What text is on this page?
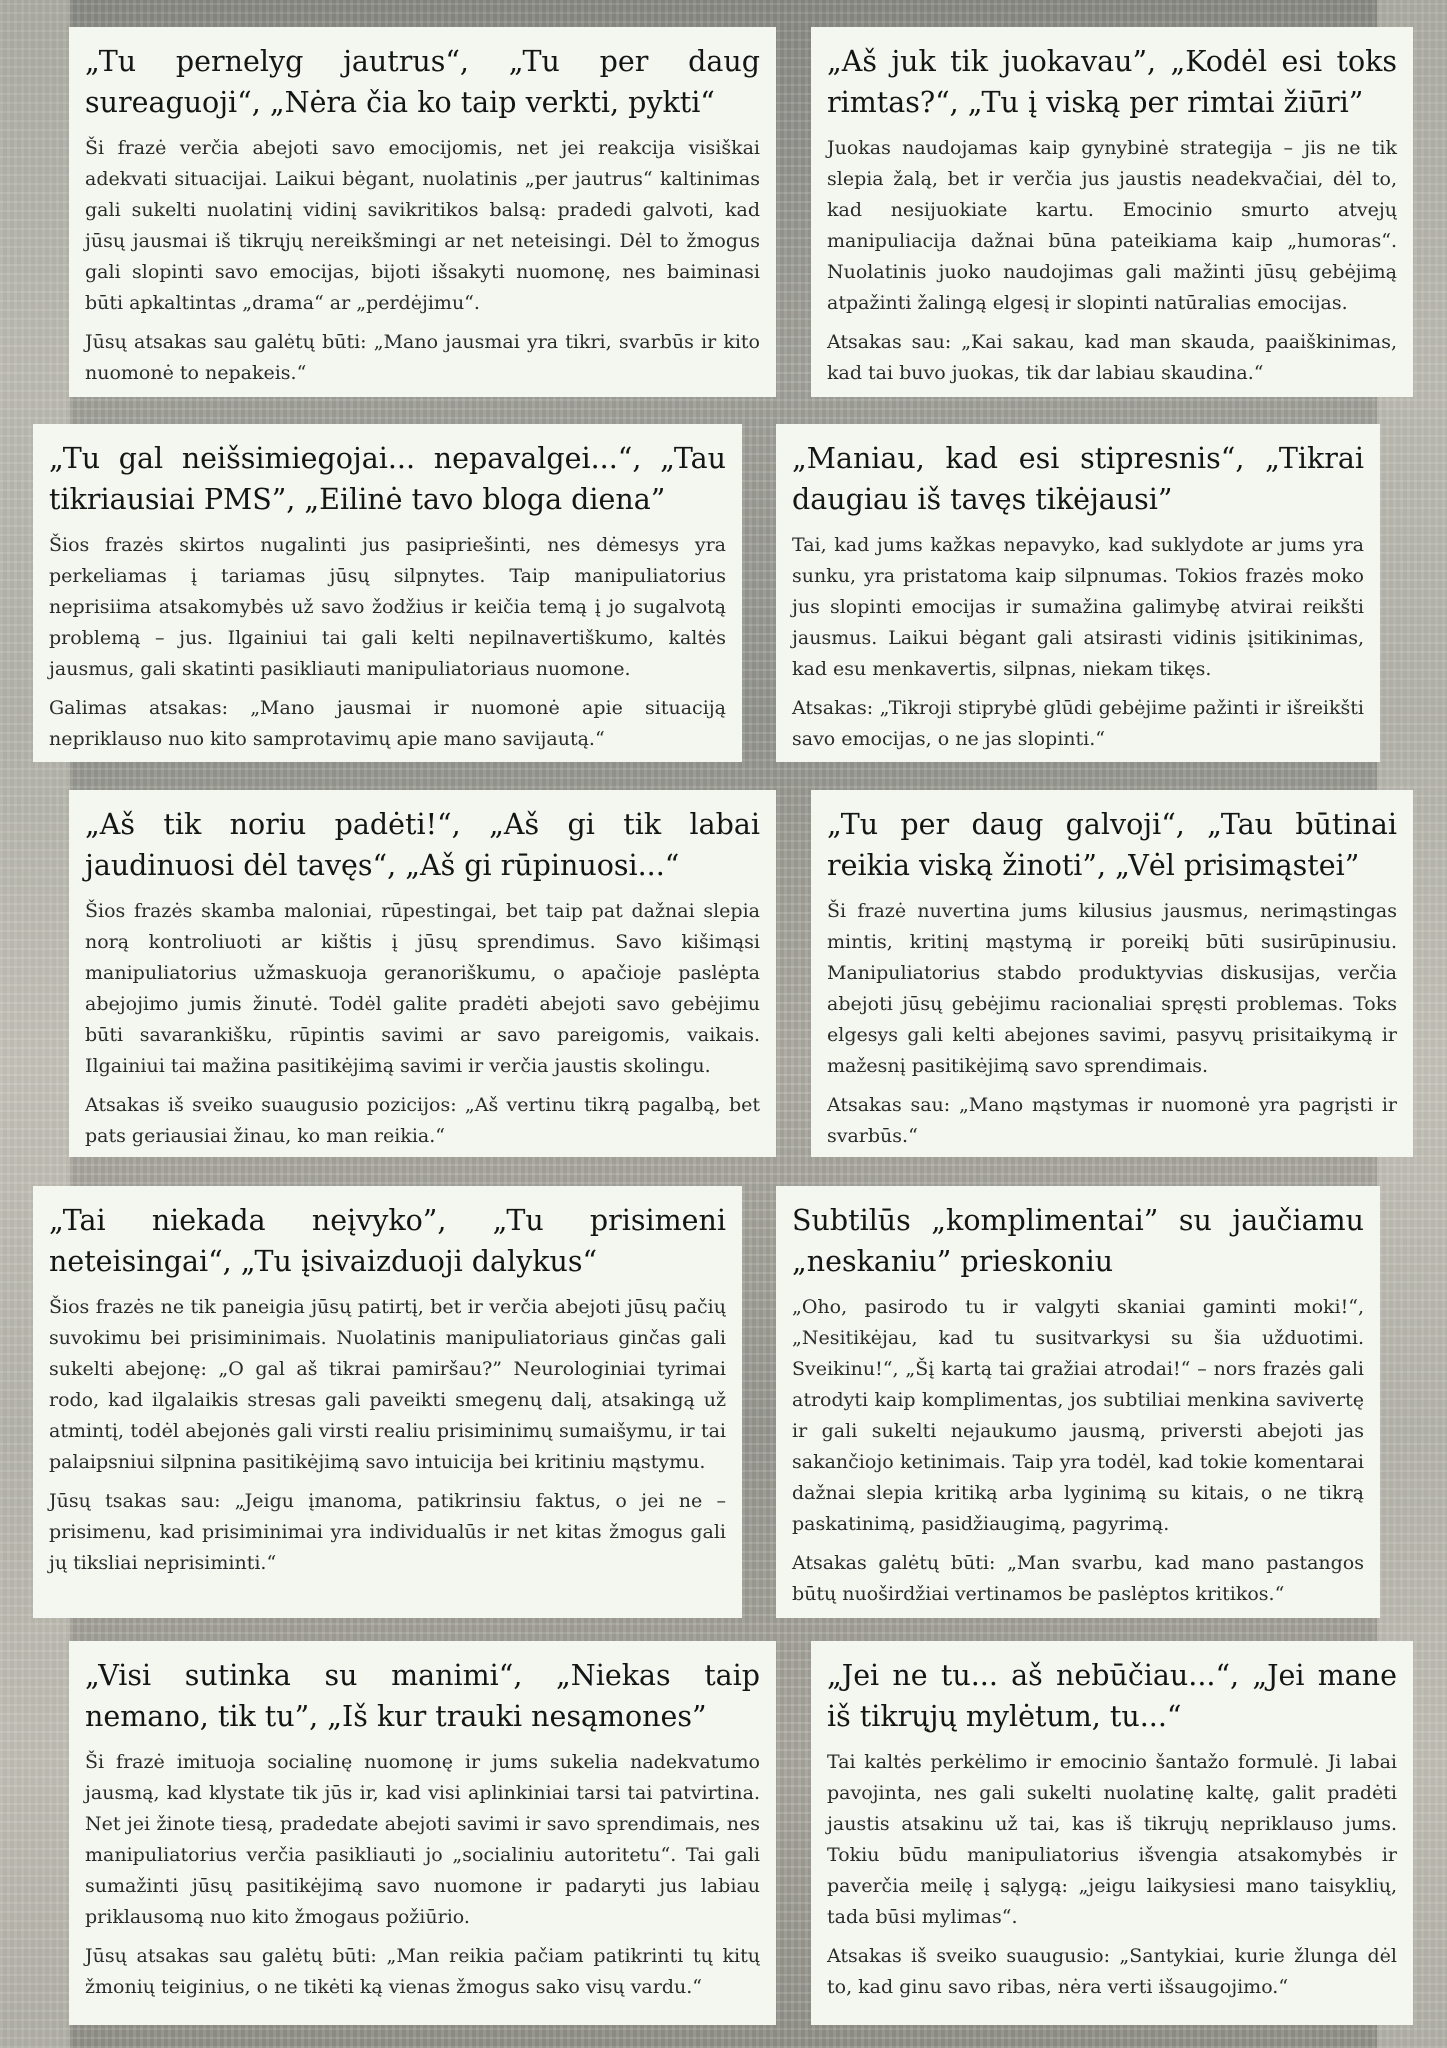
„Tu pernelyg jautrus“, „Tu per daug sureaguoji“, „Nėra čia ko taip verkti, pykti“

Ši frazė verčia abejoti savo emocijomis, net jei reakcija visiškai adekvati situacijai. Laikui bėgant, nuolatinis „per jautrus“ kaltinimas gali sukelti nuolatinį vidinį savikritikos balsą: pradedi galvoti, kad jūsų jausmai iš tikrųjų nereikšmingi ar net neteisingi. Dėl to žmogus gali slopinti savo emocijas, bijoti išsakyti nuomonę, nes baiminasi būti apkaltintas „drama“ ar „perdėjimu“.

Jūsų atsakas sau galėtų būti: „Mano jausmai yra tikri, svarbūs ir kito nuomonė to nepakeis.“

„Aš juk tik juokavau”, „Kodėl esi toks rimtas?“, „Tu į viską per rimtai žiūri”

Juokas naudojamas kaip gynybinė strategija – jis ne tik slepia žalą, bet ir verčia jus jaustis neadekvačiai, dėl to, kad nesijuokiate kartu. Emocinio smurto atvejų manipuliacija dažnai būna pateikiama kaip „humoras“. Nuolatinis juoko naudojimas gali mažinti jūsų gebėjimą atpažinti žalingą elgesį ir slopinti natūralias emocijas.

Atsakas sau: „Kai sakau, kad man skauda, paaiškinimas, kad tai buvo juokas, tik dar labiau skaudina.“

„Tu gal neišsimiegojai... nepavalgei...“, „Tau tikriausiai PMS”, „Eilinė tavo bloga diena”

Šios frazės skirtos nugalinti jus pasipriešinti, nes dėmesys yra perkeliamas į tariamas jūsų silpnytes. Taip manipuliatorius neprisiima atsakomybės už savo žodžius ir keičia temą į jo sugalvotą problemą – jus. Ilgainiui tai gali kelti nepilnavertiškumo, kaltės jausmus, gali skatinti pasikliauti manipuliatoriaus nuomone.

Galimas atsakas: „Mano jausmai ir nuomonė apie situaciją nepriklauso nuo kito samprotavimų apie mano savijautą.“

„Maniau, kad esi stipresnis“, „Tikrai daugiau iš tavęs tikėjausi”

Tai, kad jums kažkas nepavyko, kad suklydote ar jums yra sunku, yra pristatoma kaip silpnumas. Tokios frazės moko jus slopinti emocijas ir sumažina galimybę atvirai reikšti jausmus. Laikui bėgant gali atsirasti vidinis įsitikinimas, kad esu menkavertis, silpnas, niekam tikęs.

Atsakas: „Tikroji stiprybė glūdi gebėjime pažinti ir išreikšti savo emocijas, o ne jas slopinti.“

„Aš tik noriu padėti!“, „Aš gi tik labai jaudinuosi dėl tavęs“, „Aš gi rūpinuosi...“

Šios frazės skamba maloniai, rūpestingai, bet taip pat dažnai slepia norą kontroliuoti ar kištis į jūsų sprendimus. Savo kišimąsi manipuliatorius užmaskuoja geranoriškumu, o apačioje paslėpta abejojimo jumis žinutė. Todėl galite pradėti abejoti savo gebėjimu būti savarankišku, rūpintis savimi ar savo pareigomis, vaikais. Ilgainiui tai mažina pasitikėjimą savimi ir verčia jaustis skolingu.

Atsakas iš sveiko suaugusio pozicijos: „Aš vertinu tikrą pagalbą, bet pats geriausiai žinau, ko man reikia.“

„Tu per daug galvoji“, „Tau būtinai reikia viską žinoti”, „Vėl prisimąstei”

Ši frazė nuvertina jums kilusius jausmus, nerimąstingas mintis, kritinį mąstymą ir poreikį būti susirūpinusiu. Manipuliatorius stabdo produktyvias diskusijas, verčia abejoti jūsų gebėjimu racionaliai spręsti problemas. Toks elgesys gali kelti abejones savimi, pasyvų prisitaikymą ir mažesnį pasitikėjimą savo sprendimais.

Atsakas sau: „Mano mąstymas ir nuomonė yra pagrįsti ir svarbūs.“

„Tai niekada neįvyko”, „Tu prisimeni neteisingai“, „Tu įsivaizduoji dalykus“

Šios frazės ne tik paneigia jūsų patirtį, bet ir verčia abejoti jūsų pačių suvokimu bei prisiminimais. Nuolatinis manipuliatoriaus ginčas gali sukelti abejonę: „O gal aš tikrai pamiršau?” Neurologiniai tyrimai rodo, kad ilgalaikis stresas gali paveikti smegenų dalį, atsakingą už atmintį, todėl abejonės gali virsti realiu prisiminimų sumaišymu, ir tai palaipsniui silpnina pasitikėjimą savo intuicija bei kritiniu mąstymu.

Jūsų tsakas sau: „Jeigu įmanoma, patikrinsiu faktus, o jei ne – prisimenu, kad prisiminimai yra individualūs ir net kitas žmogus gali jų tiksliai neprisiminti.“

Subtilūs „komplimentai” su jaučiamu „neskaniu” prieskoniu

„Oho, pasirodo tu ir valgyti skaniai gaminti moki!“, „Nesitikėjau, kad tu susitvarkysi su šia užduotimi. Sveikinu!“, „Šį kartą tai gražiai atrodai!“ – nors frazės gali atrodyti kaip komplimentas, jos subtiliai menkina savivertę ir gali sukelti nejaukumo jausmą, priversti abejoti jas sakančiojo ketinimais. Taip yra todėl, kad tokie komentarai dažnai slepia kritiką arba lyginimą su kitais, o ne tikrą paskatinimą, pasidžiaugimą, pagyrimą.

Atsakas galėtų būti: „Man svarbu, kad mano pastangos būtų nuoširdžiai vertinamos be paslėptos kritikos.“

„Visi sutinka su manimi“, „Niekas taip nemano, tik tu”, „Iš kur trauki nesąmones”

Ši frazė imituoja socialinę nuomonę ir jums sukelia nadekvatumo jausmą, kad klystate tik jūs ir, kad visi aplinkiniai tarsi tai patvirtina. Net jei žinote tiesą, pradedate abejoti savimi ir savo sprendimais, nes manipuliatorius verčia pasikliauti jo „socialiniu autoritetu“. Tai gali sumažinti jūsų pasitikėjimą savo nuomone ir padaryti jus labiau priklausomą nuo kito žmogaus požiūrio.

Jūsų atsakas sau galėtų būti: „Man reikia pačiam patikrinti tų kitų žmonių teiginius, o ne tikėti ką vienas žmogus sako visų vardu.“

„Jei ne tu... aš nebūčiau...“, „Jei mane iš tikrųjų mylėtum, tu...“

Tai kaltės perkėlimo ir emocinio šantažo formulė. Ji labai pavojinta, nes gali sukelti nuolatinę kaltę, galit pradėti jaustis atsakinu už tai, kas iš tikrųjų nepriklauso jums. Tokiu būdu manipuliatorius išvengia atsakomybės ir paverčia meilę į sąlygą: „jeigu laikysiesi mano taisyklių, tada būsi mylimas“.

Atsakas iš sveiko suaugusio: „Santykiai, kurie žlunga dėl to, kad ginu savo ribas, nėra verti išsaugojimo.“
